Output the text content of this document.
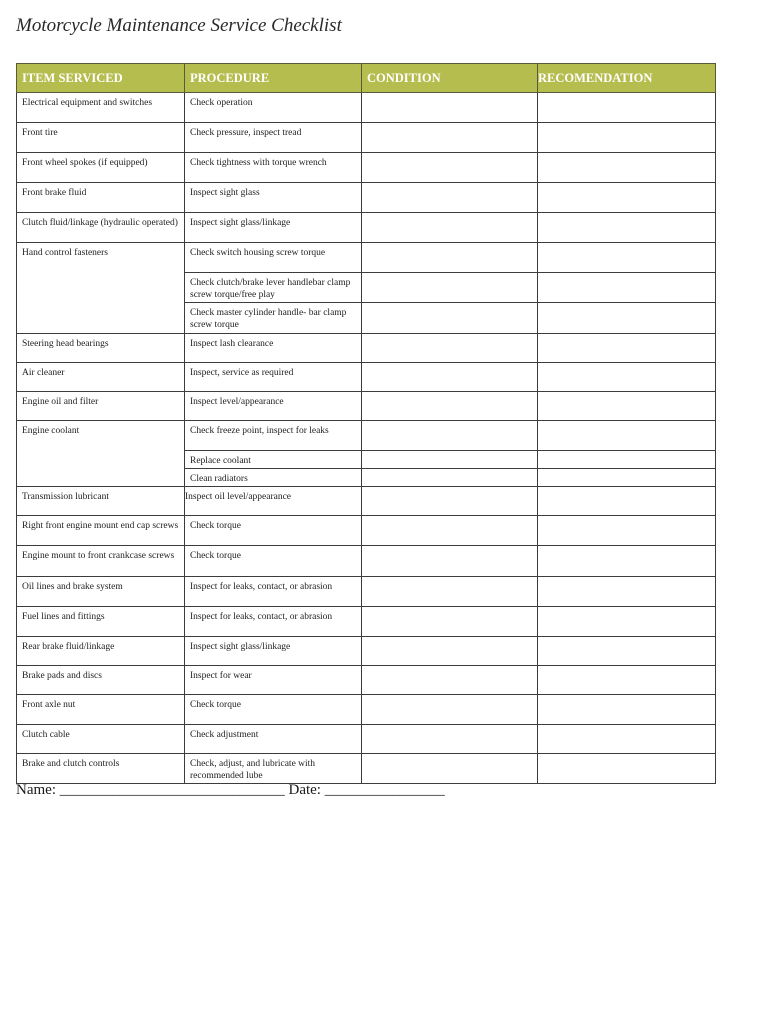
Motorcycle Maintenance Service Checklist
ITEM SERVICED	PROCEDURE	CONDITION	RECOMENDATION
Electrical equipment and switches	Check operation		
Front tire	Check pressure, inspect tread		
Front wheel spokes (if equipped)	Check tightness with torque wrench		
Front brake fluid	Inspect sight glass		
Clutch fluid/linkage (hydraulic operated)	Inspect sight glass/linkage		
Hand control fasteners	Check switch housing screw torque		
	Check clutch/brake lever handlebar clamp screw torque/free play		
	Check master cylinder handle- bar clamp screw torque		
Steering head bearings	Inspect lash clearance		
Air cleaner	Inspect, service as required		
Engine oil and filter	Inspect level/appearance		
Engine coolant	Check freeze point, inspect for leaks		
	Replace coolant		
	Clean radiators		
Transmission lubricant	Inspect oil level/appearance		
Right front engine mount end cap screws	Check torque		
Engine mount to front crankcase screws	Check torque		
Oil lines and brake system	Inspect for leaks, contact, or abrasion		
Fuel lines and fittings	Inspect for leaks, contact, or abrasion		
Rear brake fluid/linkage	Inspect sight glass/linkage		
Brake pads and discs	Inspect for wear		
Front axle nut	Check torque		
Clutch cable	Check adjustment		
Brake and clutch controls	Check, adjust, and lubricate with recommended lube		
Name: ______________________________ Date: ________________
